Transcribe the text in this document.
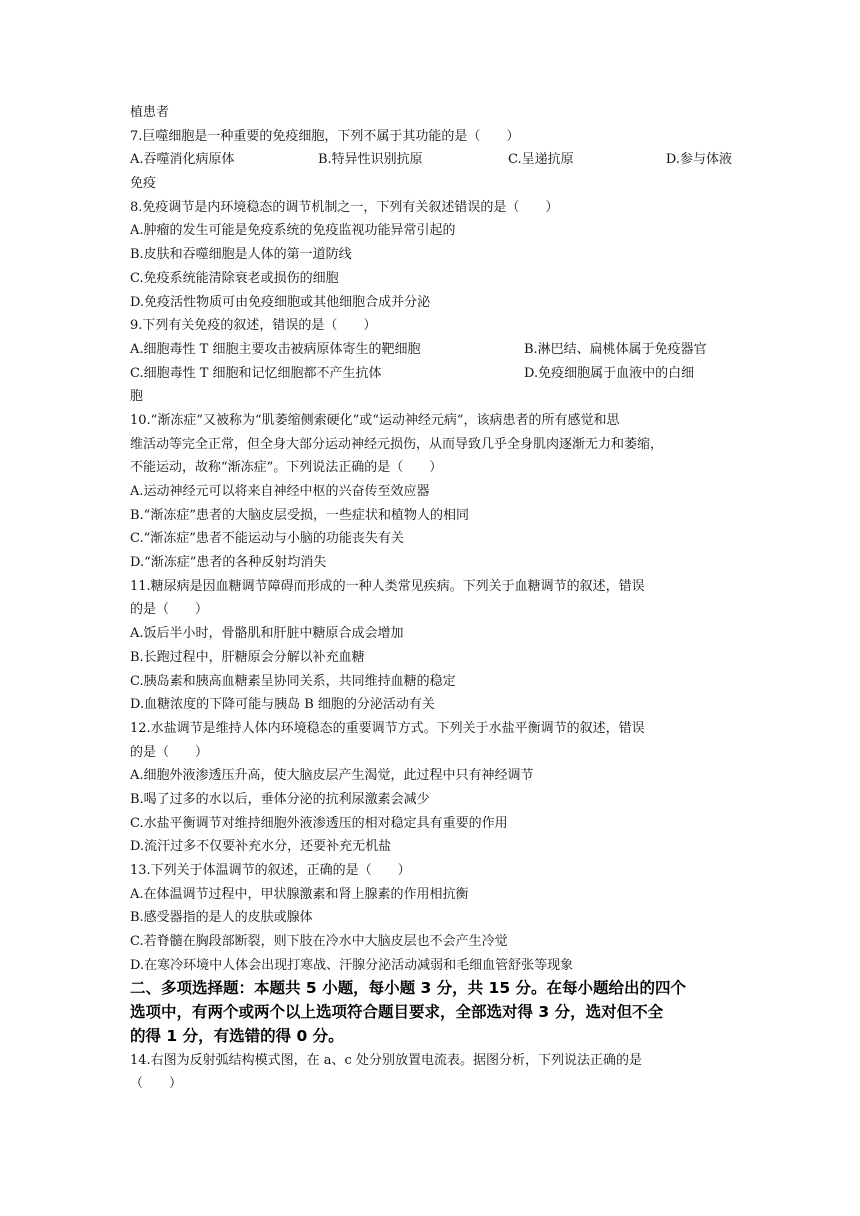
植患者
7.巨噬细胞是一种重要的免疫细胞，下列不属于其功能的是（　　）
A.吞噬消化病原体	B.特异性识别抗原	C.呈递抗原	D.参与体液
免疫
8.免疫调节是内环境稳态的调节机制之一，下列有关叙述错误的是（　　）
A.肿瘤的发生可能是免疫系统的免疫监视功能异常引起的
B.皮肤和吞噬细胞是人体的第一道防线
C.免疫系统能清除衰老或损伤的细胞
D.免疫活性物质可由免疫细胞或其他细胞合成并分泌
9.下列有关免疫的叙述，错误的是（　　）
A.细胞毒性 T 细胞主要攻击被病原体寄生的靶细胞	B.淋巴结、扁桃体属于免疫器官
C.细胞毒性 T 细胞和记忆细胞都不产生抗体	D.免疫细胞属于血液中的白细
胞
10.“渐冻症”又被称为“肌萎缩侧索硬化”或“运动神经元病”，该病患者的所有感觉和思
维活动等完全正常，但全身大部分运动神经元损伤，从而导致几乎全身肌肉逐渐无力和萎缩，
不能运动，故称“渐冻症”。下列说法正确的是（　　）
A.运动神经元可以将来自神经中枢的兴奋传至效应器
B.“渐冻症”患者的大脑皮层受损，一些症状和植物人的相同
C.“渐冻症”患者不能运动与小脑的功能丧失有关
D.“渐冻症”患者的各种反射均消失
11.糖尿病是因血糖调节障碍而形成的一种人类常见疾病。下列关于血糖调节的叙述，错误
的是（　　）
A.饭后半小时，骨骼肌和肝脏中糖原合成会增加
B.长跑过程中，肝糖原会分解以补充血糖
C.胰岛素和胰高血糖素呈协同关系，共同维持血糖的稳定
D.血糖浓度的下降可能与胰岛 B 细胞的分泌活动有关
12.水盐调节是维持人体内环境稳态的重要调节方式。下列关于水盐平衡调节的叙述，错误
的是（　　）
A.细胞外液渗透压升高，使大脑皮层产生渴觉，此过程中只有神经调节
B.喝了过多的水以后，垂体分泌的抗利尿激素会减少
C.水盐平衡调节对维持细胞外液渗透压的相对稳定具有重要的作用
D.流汗过多不仅要补充水分，还要补充无机盐
13.下列关于体温调节的叙述，正确的是（　　）
A.在体温调节过程中，甲状腺激素和肾上腺素的作用相抗衡
B.感受器指的是人的皮肤或腺体
C.若脊髓在胸段部断裂，则下肢在冷水中大脑皮层也不会产生冷觉
D.在寒冷环境中人体会出现打寒战、汗腺分泌活动减弱和毛细血管舒张等现象
二、多项选择题：本题共 5 小题，每小题 3 分，共 15 分。在每小题给出的四个
选项中，有两个或两个以上选项符合题目要求，全部选对得 3 分，选对但不全
的得 1 分，有选错的得 0 分。
14.右图为反射弧结构模式图，在 a、c 处分别放置电流表。据图分析，下列说法正确的是
（　　）
